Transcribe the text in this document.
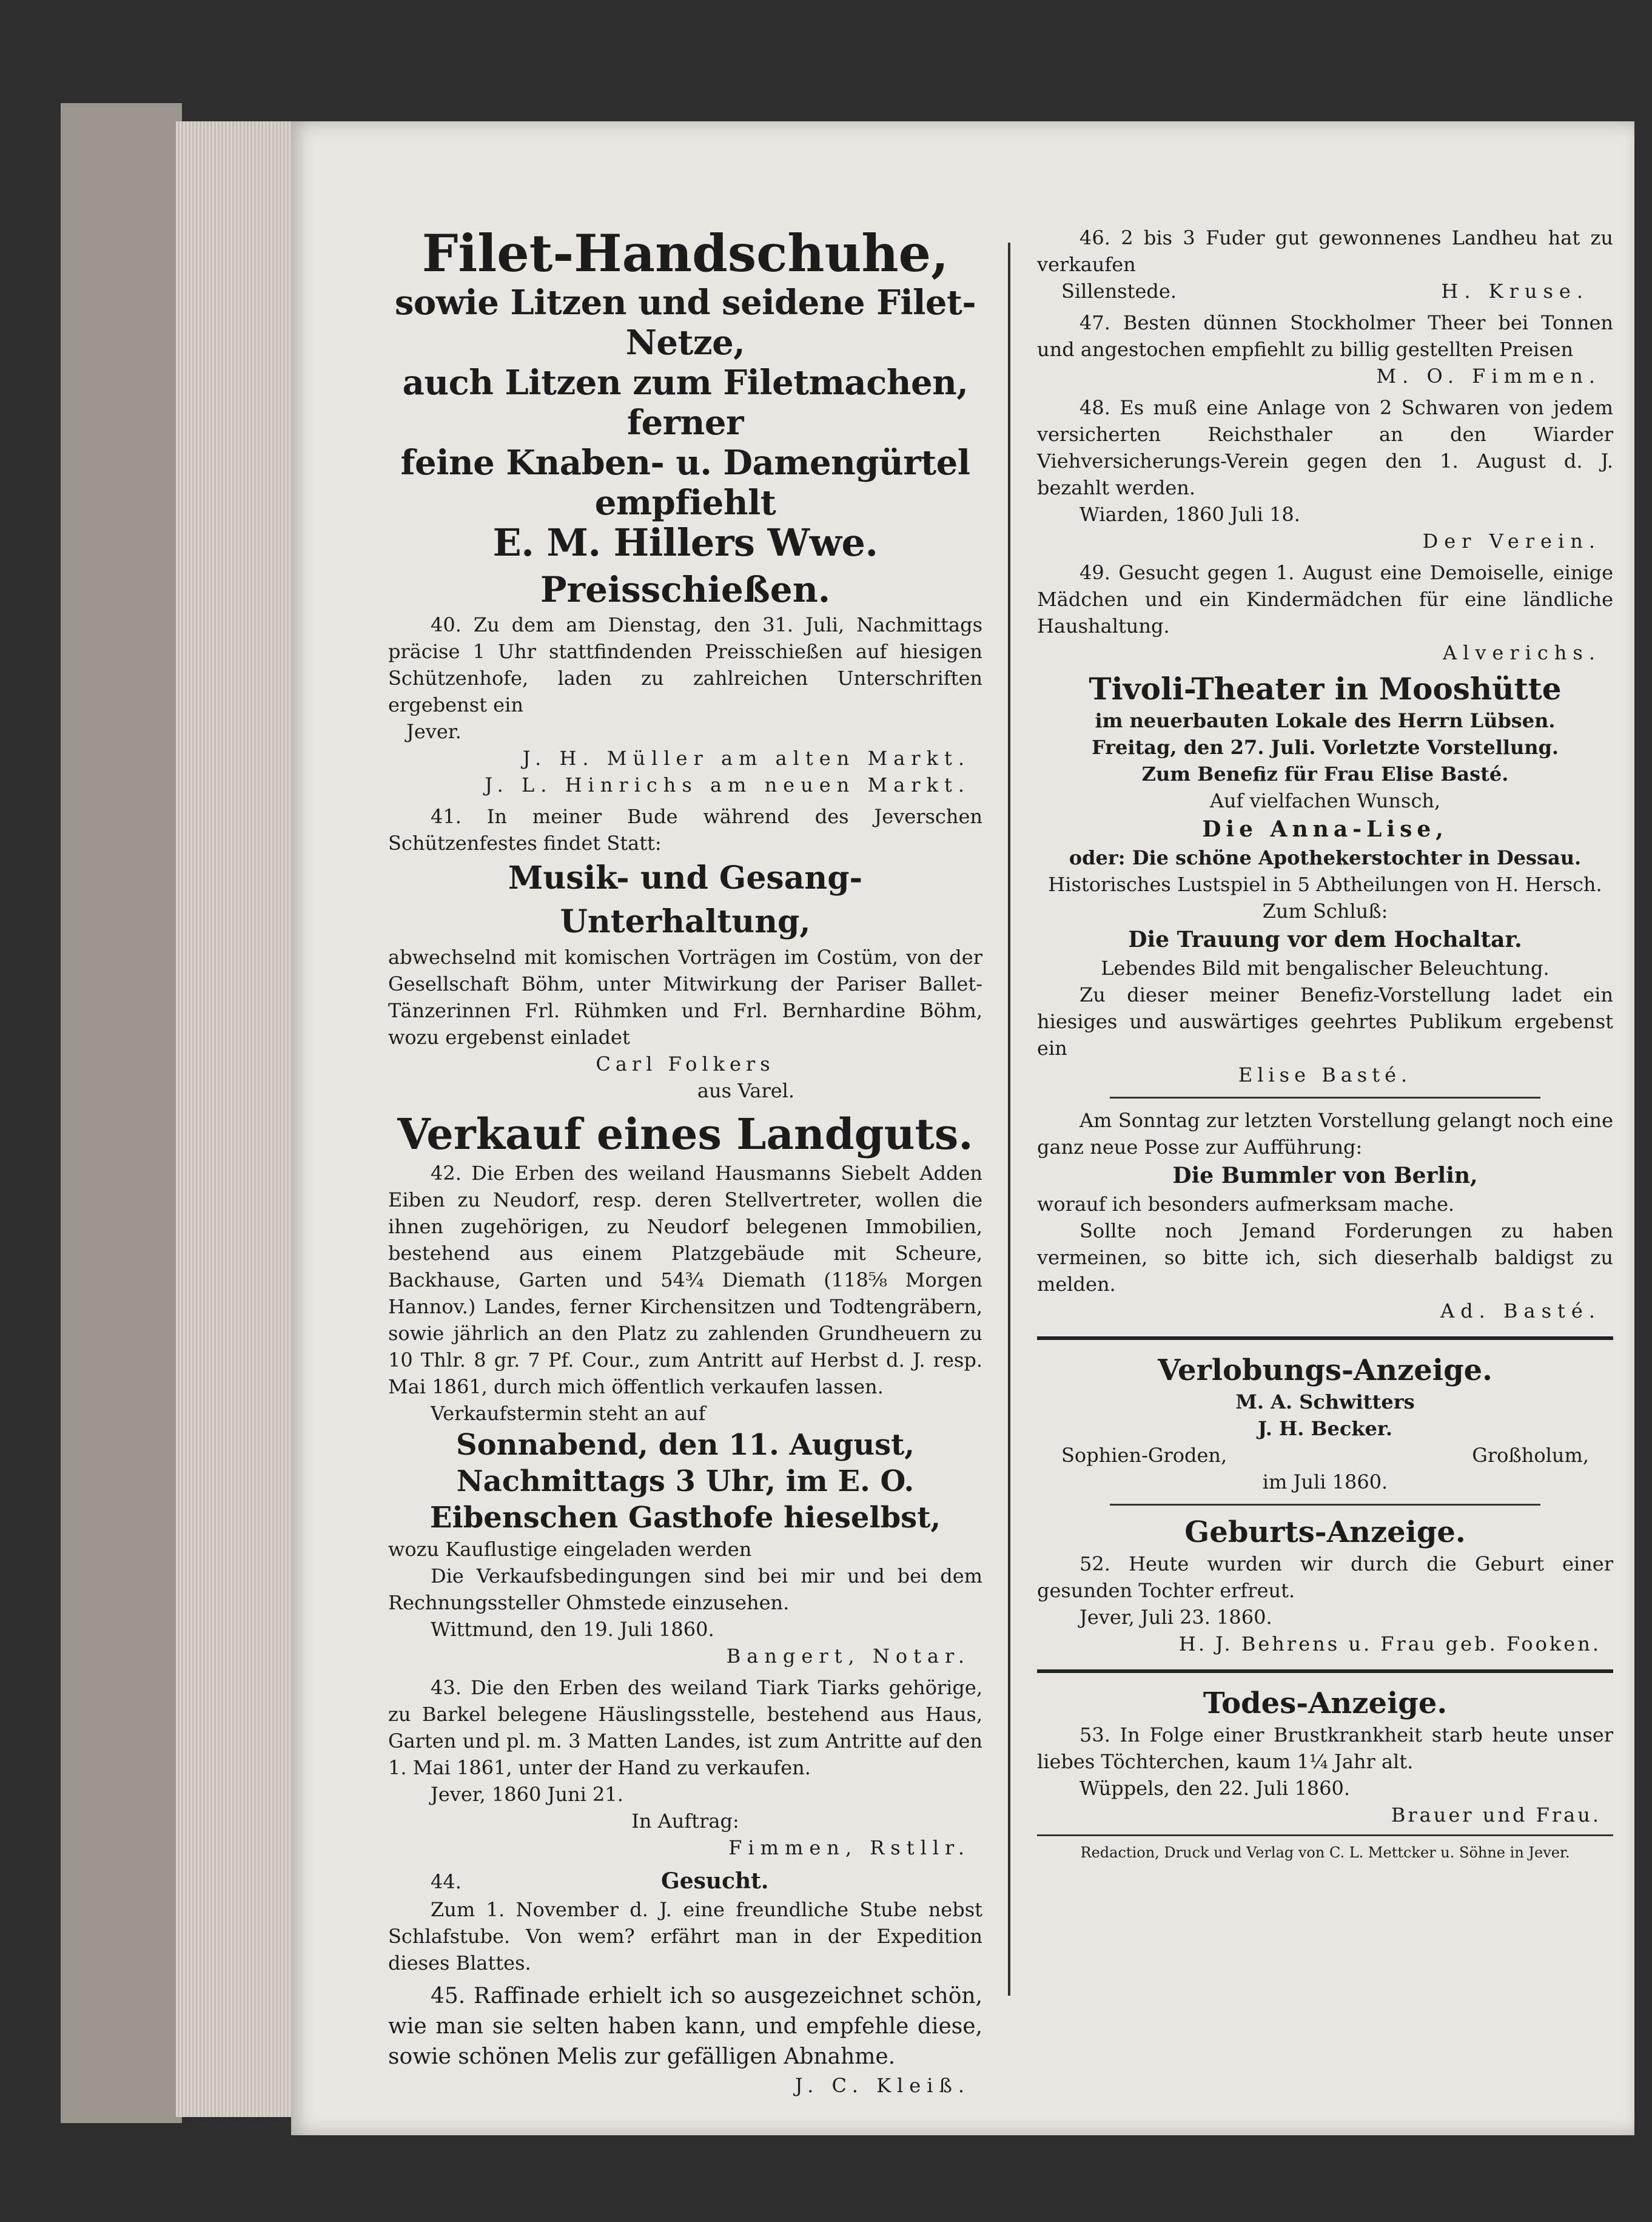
Filet-Handschuhe,
sowie Litzen und seidene Filet-Netze,
auch Litzen zum Filetmachen, ferner
feine Knaben- u. Damengürtel empfiehlt
E. M. Hillers Wwe.
Preisschießen.

40. Zu dem am Dienstag, den 31. Juli, Nachmittags präcise 1 Uhr stattfindenden Preisschießen auf hiesigen Schützenhofe, laden zu zahlreichen Unterschriften ergebenst ein

Jever.

J. H. Müller am alten Markt.

J. L. Hinrichs am neuen Markt.

41. In meiner Bude während des Jeverschen Schützenfestes findet Statt:

Musik- und Gesang-Unterhaltung,

abwechselnd mit komischen Vorträgen im Costüm, von der Gesellschaft Böhm, unter Mitwirkung der Pariser Ballet-Tänzerinnen Frl. Rühmken und Frl. Bernhardine Böhm, wozu ergebenst einladet

Carl Folkers

aus Varel.

Verkauf eines Landguts.

42. Die Erben des weiland Hausmanns Siebelt Adden Eiben zu Neudorf, resp. deren Stellvertreter, wollen die ihnen zugehörigen, zu Neudorf belegenen Immobilien, bestehend aus einem Platzgebäude mit Scheure, Backhause, Garten und 54¾ Diemath (118⅝ Morgen Hannov.) Landes, ferner Kirchensitzen und Todtengräbern, sowie jährlich an den Platz zu zahlenden Grundheuern zu 10 Thlr. 8 gr. 7 Pf. Cour., zum Antritt auf Herbst d. J. resp. Mai 1861, durch mich öffentlich verkaufen lassen.

Verkaufstermin steht an auf

Sonnabend, den 11. August,
Nachmittags 3 Uhr, im E. O.
Eibenschen Gasthofe hieselbst,

wozu Kauflustige eingeladen werden

Die Verkaufsbedingungen sind bei mir und bei dem Rechnungssteller Ohmstede einzusehen.

Wittmund, den 19. Juli 1860.

Bangert, Notar.

43. Die den Erben des weiland Tiark Tiarks gehörige, zu Barkel belegene Häuslingsstelle, bestehend aus Haus, Garten und pl. m. 3 Matten Landes, ist zum Antritte auf den 1. Mai 1861, unter der Hand zu verkaufen.

Jever, 1860 Juni 21.

In Auftrag:

Fimmen, Rstllr.

44.	Gesucht.

Zum 1. November d. J. eine freundliche Stube nebst Schlafstube. Von wem? erfährt man in der Expedition dieses Blattes.

45. Raffinade erhielt ich so ausgezeichnet schön, wie man sie selten haben kann, und empfehle diese, sowie schönen Melis zur gefälligen Abnahme.

J. C. Kleiß.

46. 2 bis 3 Fuder gut gewonnenes Landheu hat zu verkaufen

Sillenstede.	H. Kruse.

47. Besten dünnen Stockholmer Theer bei Tonnen und angestochen empfiehlt zu billig gestellten Preisen

M. O. Fimmen.

48. Es muß eine Anlage von 2 Schwaren von jedem versicherten Reichsthaler an den Wiarder Viehversicherungs-Verein gegen den 1. August d. J. bezahlt werden.

Wiarden, 1860 Juli 18.

Der Verein.

49. Gesucht gegen 1. August eine Demoiselle, einige Mädchen und ein Kindermädchen für eine ländliche Haushaltung.

Alverichs.

Tivoli-Theater in Mooshütte

im neuerbauten Lokale des Herrn Lübsen.

Freitag, den 27. Juli. Vorletzte Vorstellung.

Zum Benefiz für Frau Elise Basté.

Auf vielfachen Wunsch,

Die Anna-Lise,

oder: Die schöne Apothekerstochter in Dessau.

Historisches Lustspiel in 5 Abtheilungen von H. Hersch.

Zum Schluß:

Die Trauung vor dem Hochaltar.

Lebendes Bild mit bengalischer Beleuchtung.

Zu dieser meiner Benefiz-Vorstellung ladet ein hiesiges und auswärtiges geehrtes Publikum ergebenst ein

Elise Basté.

Am Sonntag zur letzten Vorstellung gelangt noch eine ganz neue Posse zur Aufführung:

Die Bummler von Berlin,

worauf ich besonders aufmerksam mache.

Sollte noch Jemand Forderungen zu haben vermeinen, so bitte ich, sich dieserhalb baldigst zu melden.

Ad. Basté.

Verlobungs-Anzeige.

M. A. Schwitters

J. H. Becker.

Sophien-Groden,	Großholum,

im Juli 1860.

Geburts-Anzeige.

52. Heute wurden wir durch die Geburt einer gesunden Tochter erfreut.

Jever, Juli 23. 1860.

H. J. Behrens u. Frau geb. Fooken.

Todes-Anzeige.

53. In Folge einer Brustkrankheit starb heute unser liebes Töchterchen, kaum 1¼ Jahr alt.

Wüppels, den 22. Juli 1860.

Brauer und Frau.

Redaction, Druck und Verlag von C. L. Mettcker u. Söhne in Jever.
